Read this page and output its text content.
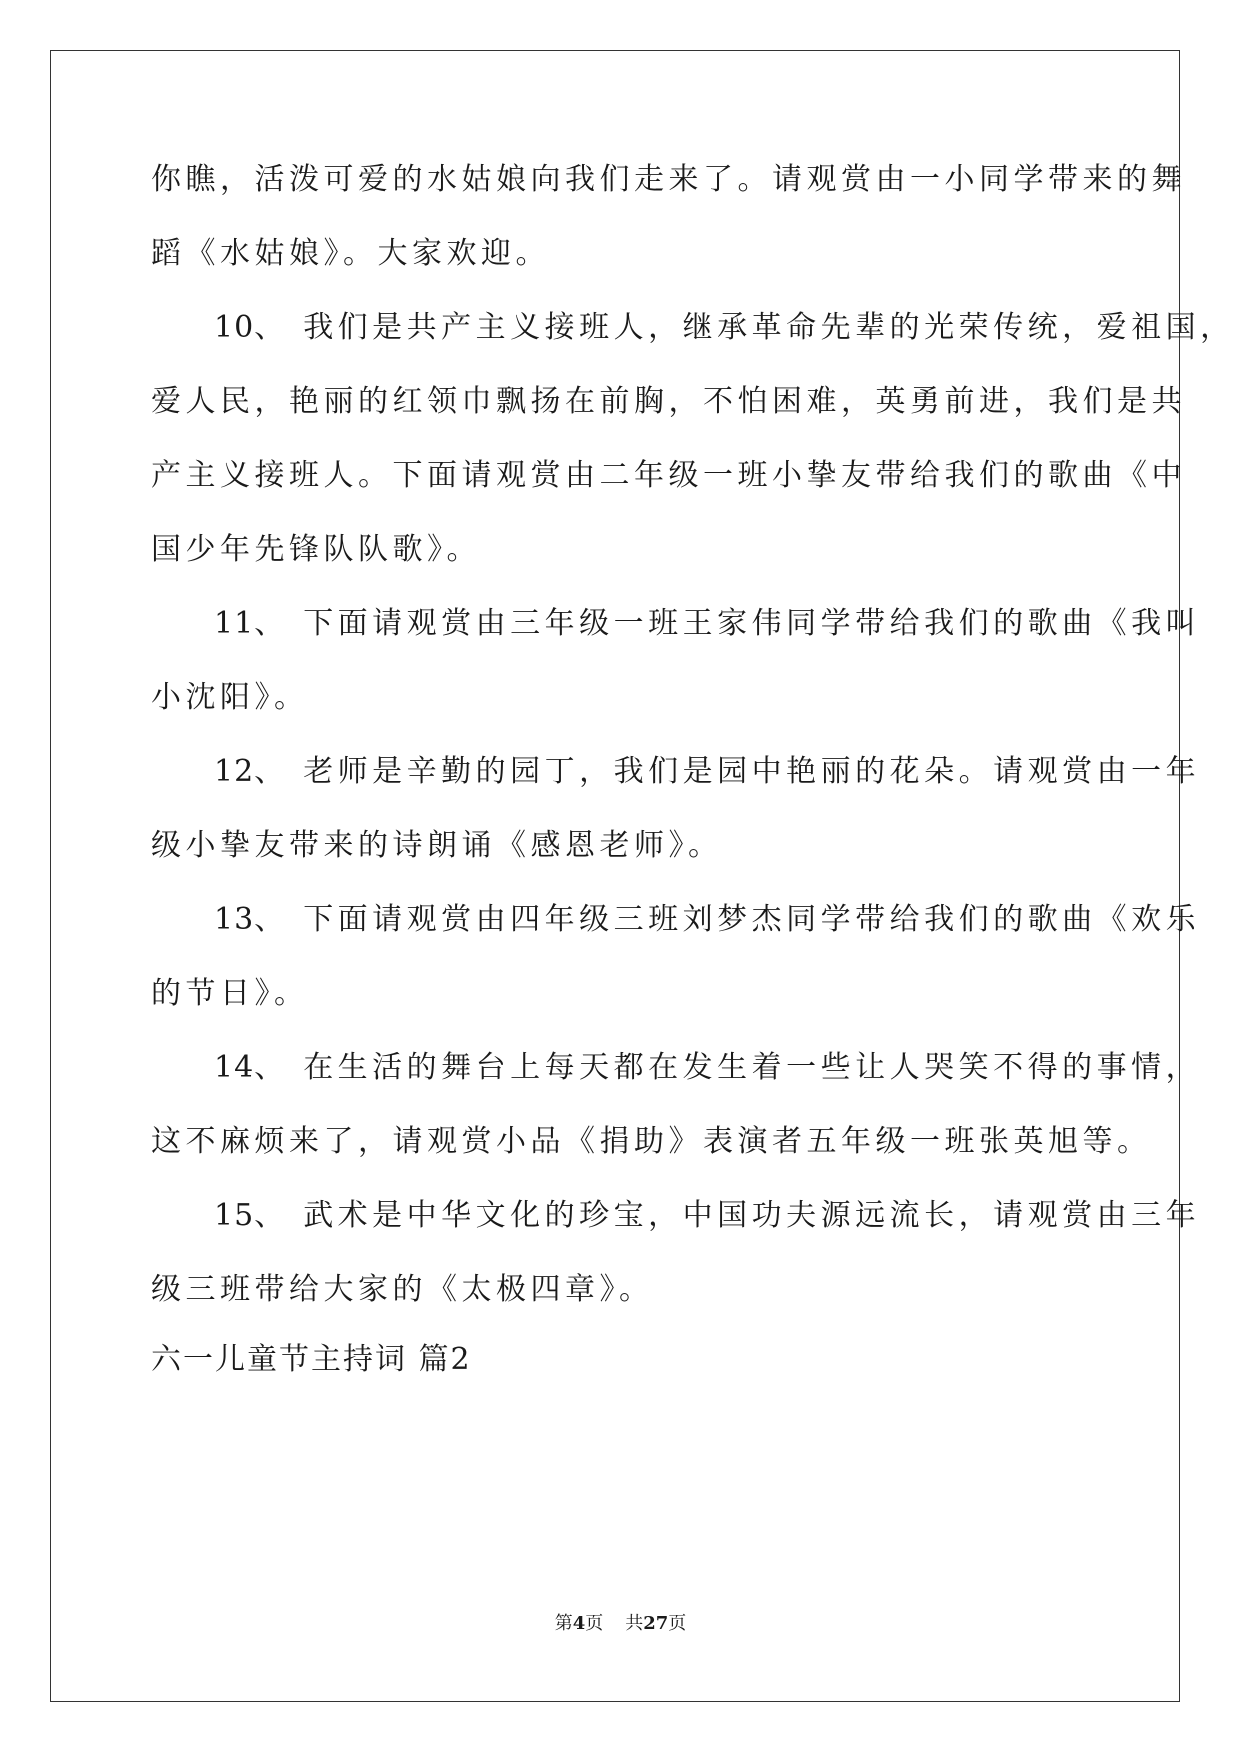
你瞧，活泼可爱的水姑娘向我们走来了。请观赏由一小同学带来的舞
蹈《水姑娘》。大家欢迎。
10、 我们是共产主义接班人，继承革命先辈的光荣传统，爱祖国，
爱人民，艳丽的红领巾飘扬在前胸，不怕困难，英勇前进，我们是共
产主义接班人。下面请观赏由二年级一班小挚友带给我们的歌曲《中
国少年先锋队队歌》。
11、 下面请观赏由三年级一班王家伟同学带给我们的歌曲《我叫
小沈阳》。
12、 老师是辛勤的园丁，我们是园中艳丽的花朵。请观赏由一年
级小挚友带来的诗朗诵《感恩老师》。
13、 下面请观赏由四年级三班刘梦杰同学带给我们的歌曲《欢乐
的节日》。
14、 在生活的舞台上每天都在发生着一些让人哭笑不得的事情，
这不麻烦来了，请观赏小品《捐助》表演者五年级一班张英旭等。
15、 武术是中华文化的珍宝，中国功夫源远流长，请观赏由三年
级三班带给大家的《太极四章》。
六一儿童节主持词 篇2
第4页 共27页
